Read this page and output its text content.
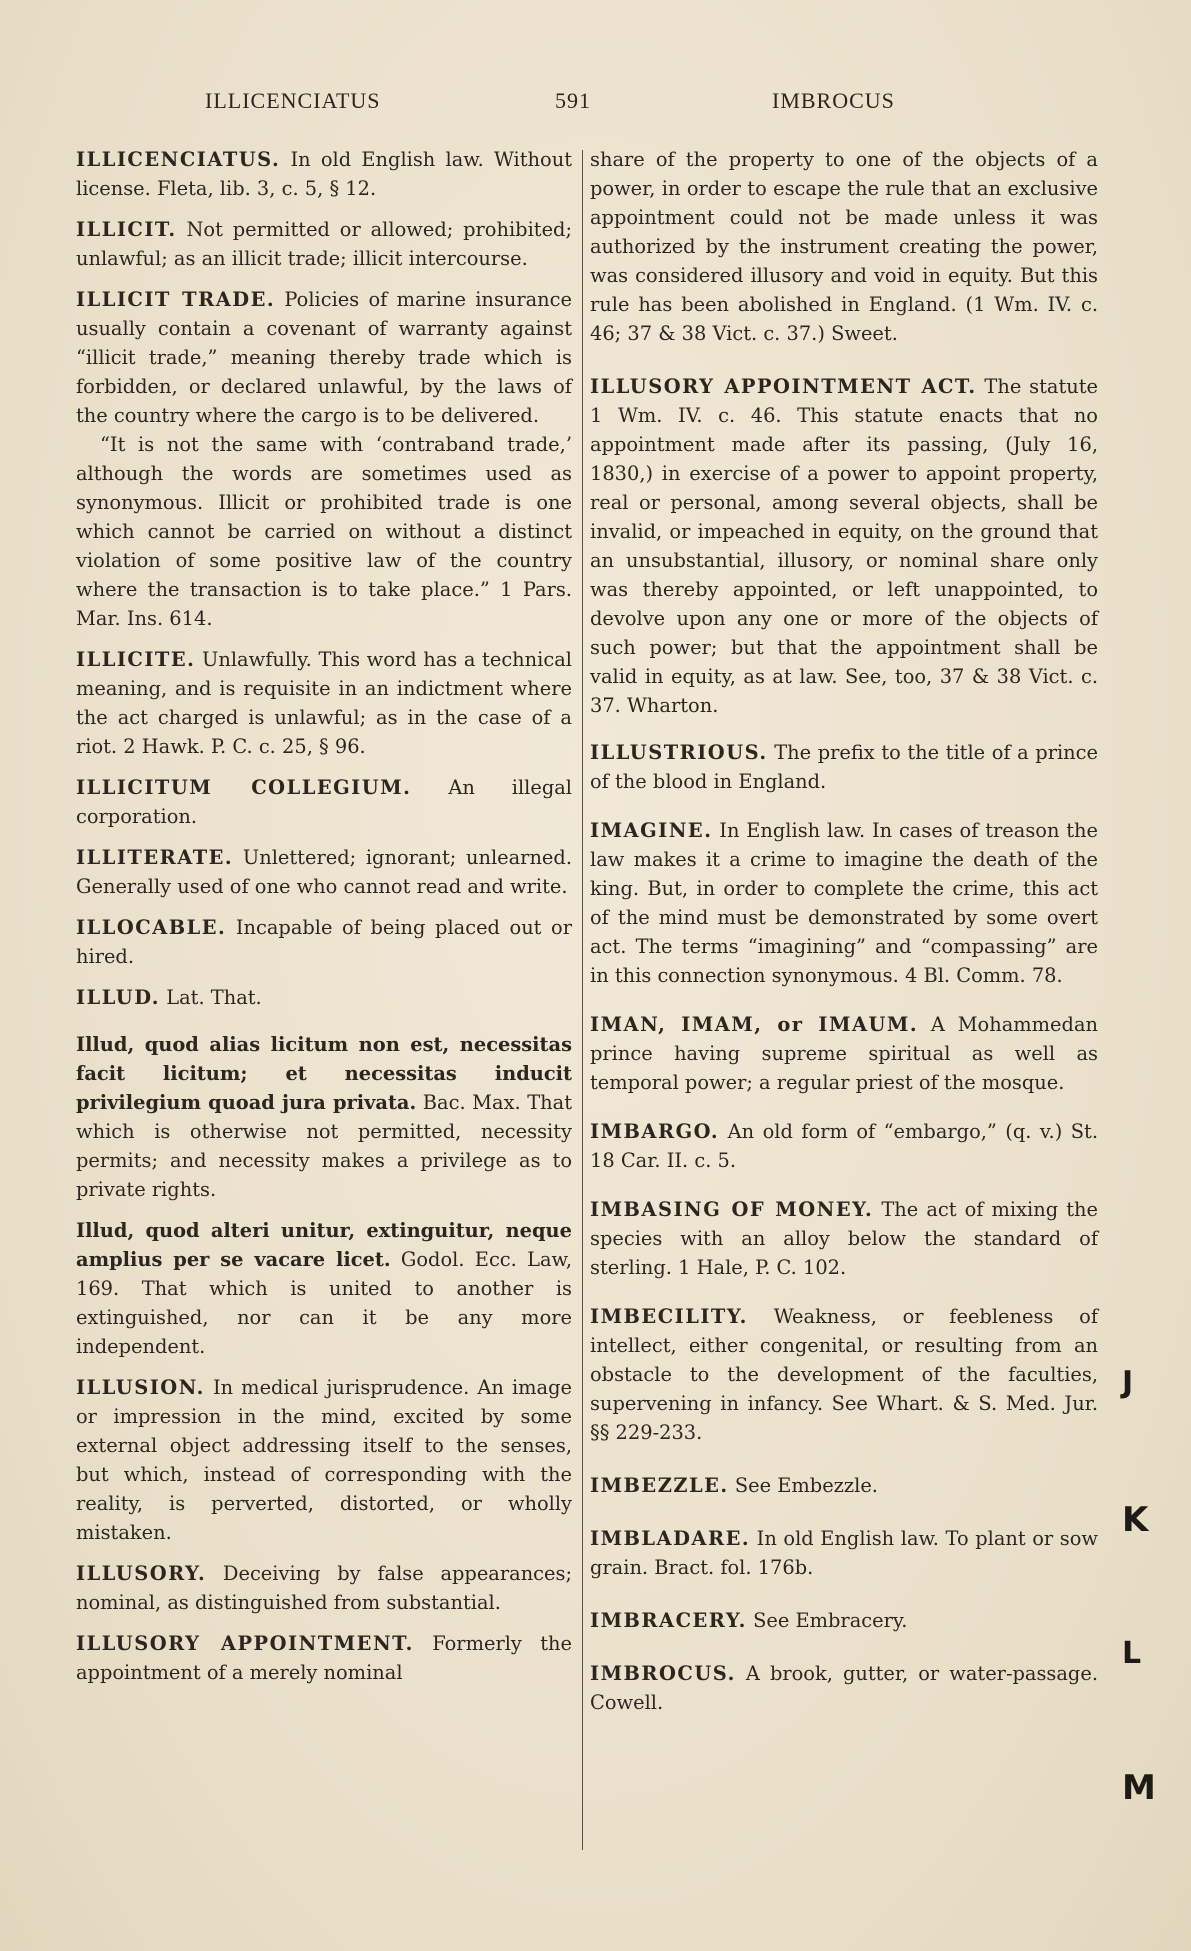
ILLICENCIATUS	591	IMBROCUS

ILLICENCIATUS. In old English law. Without license. Fleta, lib. 3, c. 5, § 12.

ILLICIT. Not permitted or allowed; prohibited; unlawful; as an illicit trade; illicit intercourse.

ILLICIT TRADE. Policies of marine insurance usually contain a covenant of warranty against “illicit trade,” meaning thereby trade which is forbidden, or declared unlawful, by the laws of the country where the cargo is to be delivered.

“It is not the same with ‘contraband trade,’ although the words are sometimes used as synonymous. Illicit or prohibited trade is one which cannot be carried on without a distinct violation of some positive law of the country where the transaction is to take place.” 1 Pars. Mar. Ins. 614.

ILLICITE. Unlawfully. This word has a technical meaning, and is requisite in an indictment where the act charged is unlawful; as in the case of a riot. 2 Hawk. P. C. c. 25, § 96.

ILLICITUM COLLEGIUM. An illegal corporation.

ILLITERATE. Unlettered; ignorant; unlearned. Generally used of one who cannot read and write.

ILLOCABLE. Incapable of being placed out or hired.

ILLUD. Lat. That.

Illud, quod alias licitum non est, necessitas facit licitum; et necessitas inducit privilegium quoad jura privata. Bac. Max. That which is otherwise not permitted, necessity permits; and necessity makes a privilege as to private rights.

Illud, quod alteri unitur, extinguitur, neque amplius per se vacare licet. Godol. Ecc. Law, 169. That which is united to another is extinguished, nor can it be any more independent.

ILLUSION. In medical jurisprudence. An image or impression in the mind, excited by some external object addressing itself to the senses, but which, instead of corresponding with the reality, is perverted, distorted, or wholly mistaken.

ILLUSORY. Deceiving by false appearances; nominal, as distinguished from substantial.

ILLUSORY APPOINTMENT. Formerly the appointment of a merely nominal

share of the property to one of the objects of a power, in order to escape the rule that an exclusive appointment could not be made unless it was authorized by the instrument creating the power, was considered illusory and void in equity. But this rule has been abolished in England. (1 Wm. IV. c. 46; 37 & 38 Vict. c. 37.) Sweet.

ILLUSORY APPOINTMENT ACT. The statute 1 Wm. IV. c. 46. This statute enacts that no appointment made after its passing, (July 16, 1830,) in exercise of a power to appoint property, real or personal, among several objects, shall be invalid, or impeached in equity, on the ground that an unsubstantial, illusory, or nominal share only was thereby appointed, or left unappointed, to devolve upon any one or more of the objects of such power; but that the appointment shall be valid in equity, as at law. See, too, 37 & 38 Vict. c. 37. Wharton.

ILLUSTRIOUS. The prefix to the title of a prince of the blood in England.

IMAGINE. In English law. In cases of treason the law makes it a crime to imagine the death of the king. But, in order to complete the crime, this act of the mind must be demonstrated by some overt act. The terms “imagining” and “compassing” are in this connection synonymous. 4 Bl. Comm. 78.

IMAN, IMAM, or IMAUM. A Mohammedan prince having supreme spiritual as well as temporal power; a regular priest of the mosque.

IMBARGO. An old form of “embargo,” (q. v.) St. 18 Car. II. c. 5.

IMBASING OF MONEY. The act of mixing the species with an alloy below the standard of sterling. 1 Hale, P. C. 102.

IMBECILITY. Weakness, or feebleness of intellect, either congenital, or resulting from an obstacle to the development of the faculties, supervening in infancy. See Whart. & S. Med. Jur. §§ 229-233.

IMBEZZLE. See Embezzle.

IMBLADARE. In old English law. To plant or sow grain. Bract. fol. 176b.

IMBRACERY. See Embracery.

IMBROCUS. A brook, gutter, or water-passage. Cowell.

J
K
L
M
